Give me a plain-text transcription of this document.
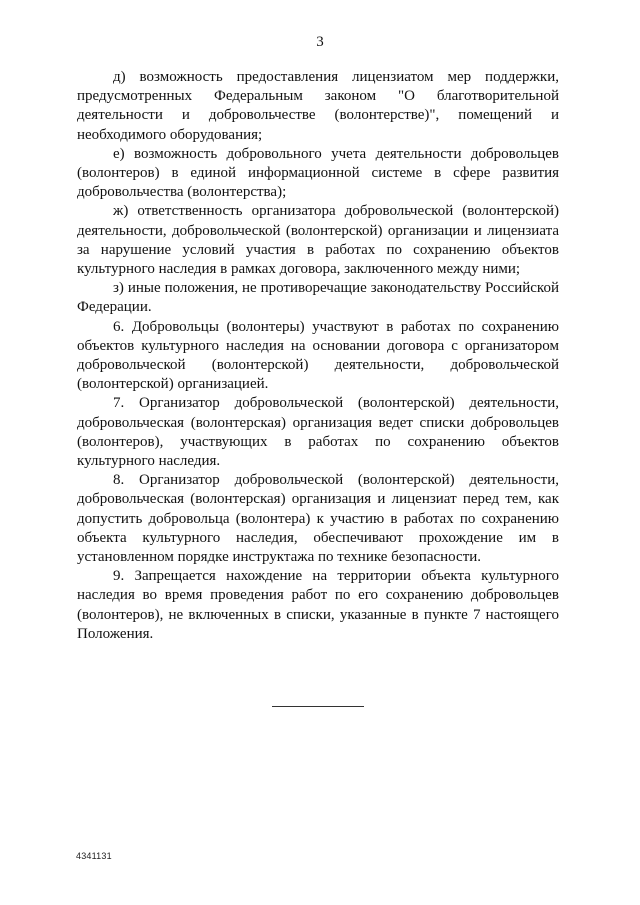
3

д) возможность предоставления лицензиатом мер поддержки, предусмотренных Федеральным законом "О благотворительной деятельности и добровольчестве (волонтерстве)", помещений и необходимого оборудования;

е) возможность добровольного учета деятельности добровольцев (волонтеров) в единой информационной системе в сфере развития добровольчества (волонтерства);

ж) ответственность организатора добровольческой (волонтерской) деятельности, добровольческой (волонтерской) организации и лицензиата за нарушение условий участия в работах по сохранению объектов культурного наследия в рамках договора, заключенного между ними;

з) иные положения, не противоречащие законодательству Российской Федерации.

6. Добровольцы (волонтеры) участвуют в работах по сохранению объектов культурного наследия на основании договора с организатором добровольческой (волонтерской) деятельности, добровольческой (волонтерской) организацией.

7. Организатор добровольческой (волонтерской) деятельности, добровольческая (волонтерская) организация ведет списки добровольцев (волонтеров), участвующих в работах по сохранению объектов культурного наследия.

8. Организатор добровольческой (волонтерской) деятельности, добровольческая (волонтерская) организация и лицензиат перед тем, как допустить добровольца (волонтера) к участию в работах по сохранению объекта культурного наследия, обеспечивают прохождение им в установленном порядке инструктажа по технике безопасности.

9. Запрещается нахождение на территории объекта культурного наследия во время проведения работ по его сохранению добровольцев (волонтеров), не включенных в списки, указанные в пункте 7 настоящего Положения.

4341131
